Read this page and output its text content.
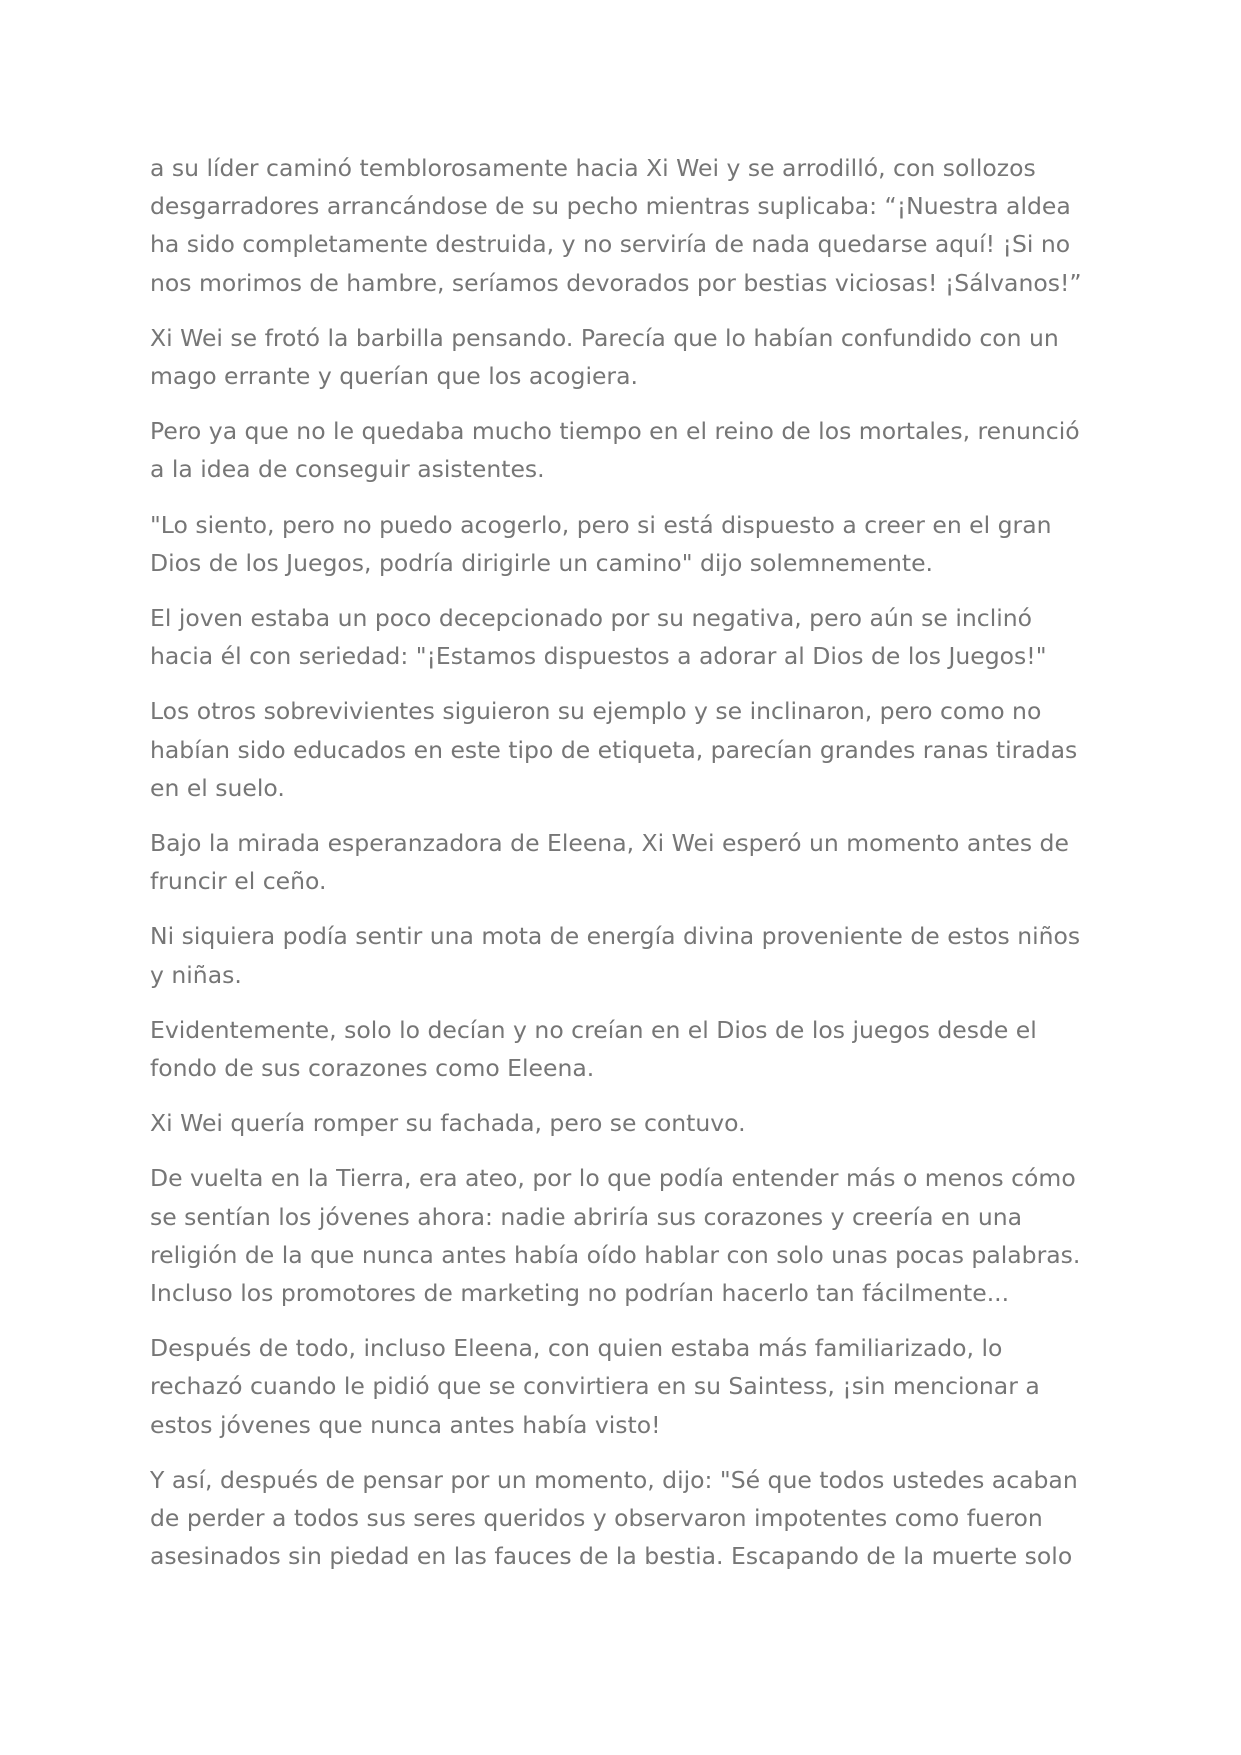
a su líder caminó temblorosamente hacia Xi Wei y se arrodilló, con sollozos
desgarradores arrancándose de su pecho mientras suplicaba: “¡Nuestra aldea
ha sido completamente destruida, y no serviría de nada quedarse aquí! ¡Si no
nos morimos de hambre, seríamos devorados por bestias viciosas! ¡Sálvanos!”

Xi Wei se frotó la barbilla pensando. Parecía que lo habían confundido con un
mago errante y querían que los acogiera.

Pero ya que no le quedaba mucho tiempo en el reino de los mortales, renunció
a la idea de conseguir asistentes.

"Lo siento, pero no puedo acogerlo, pero si está dispuesto a creer en el gran
Dios de los Juegos, podría dirigirle un camino" dijo solemnemente.

El joven estaba un poco decepcionado por su negativa, pero aún se inclinó
hacia él con seriedad: "¡Estamos dispuestos a adorar al Dios de los Juegos!"

Los otros sobrevivientes siguieron su ejemplo y se inclinaron, pero como no
habían sido educados en este tipo de etiqueta, parecían grandes ranas tiradas
en el suelo.

Bajo la mirada esperanzadora de Eleena, Xi Wei esperó un momento antes de
fruncir el ceño.

Ni siquiera podía sentir una mota de energía divina proveniente de estos niños
y niñas.

Evidentemente, solo lo decían y no creían en el Dios de los juegos desde el
fondo de sus corazones como Eleena.

Xi Wei quería romper su fachada, pero se contuvo.

De vuelta en la Tierra, era ateo, por lo que podía entender más o menos cómo
se sentían los jóvenes ahora: nadie abriría sus corazones y creería en una
religión de la que nunca antes había oído hablar con solo unas pocas palabras.
Incluso los promotores de marketing no podrían hacerlo tan fácilmente...

Después de todo, incluso Eleena, con quien estaba más familiarizado, lo
rechazó cuando le pidió que se convirtiera en su Saintess, ¡sin mencionar a
estos jóvenes que nunca antes había visto!

Y así, después de pensar por un momento, dijo: "Sé que todos ustedes acaban
de perder a todos sus seres queridos y observaron impotentes como fueron
asesinados sin piedad en las fauces de la bestia. Escapando de la muerte solo
